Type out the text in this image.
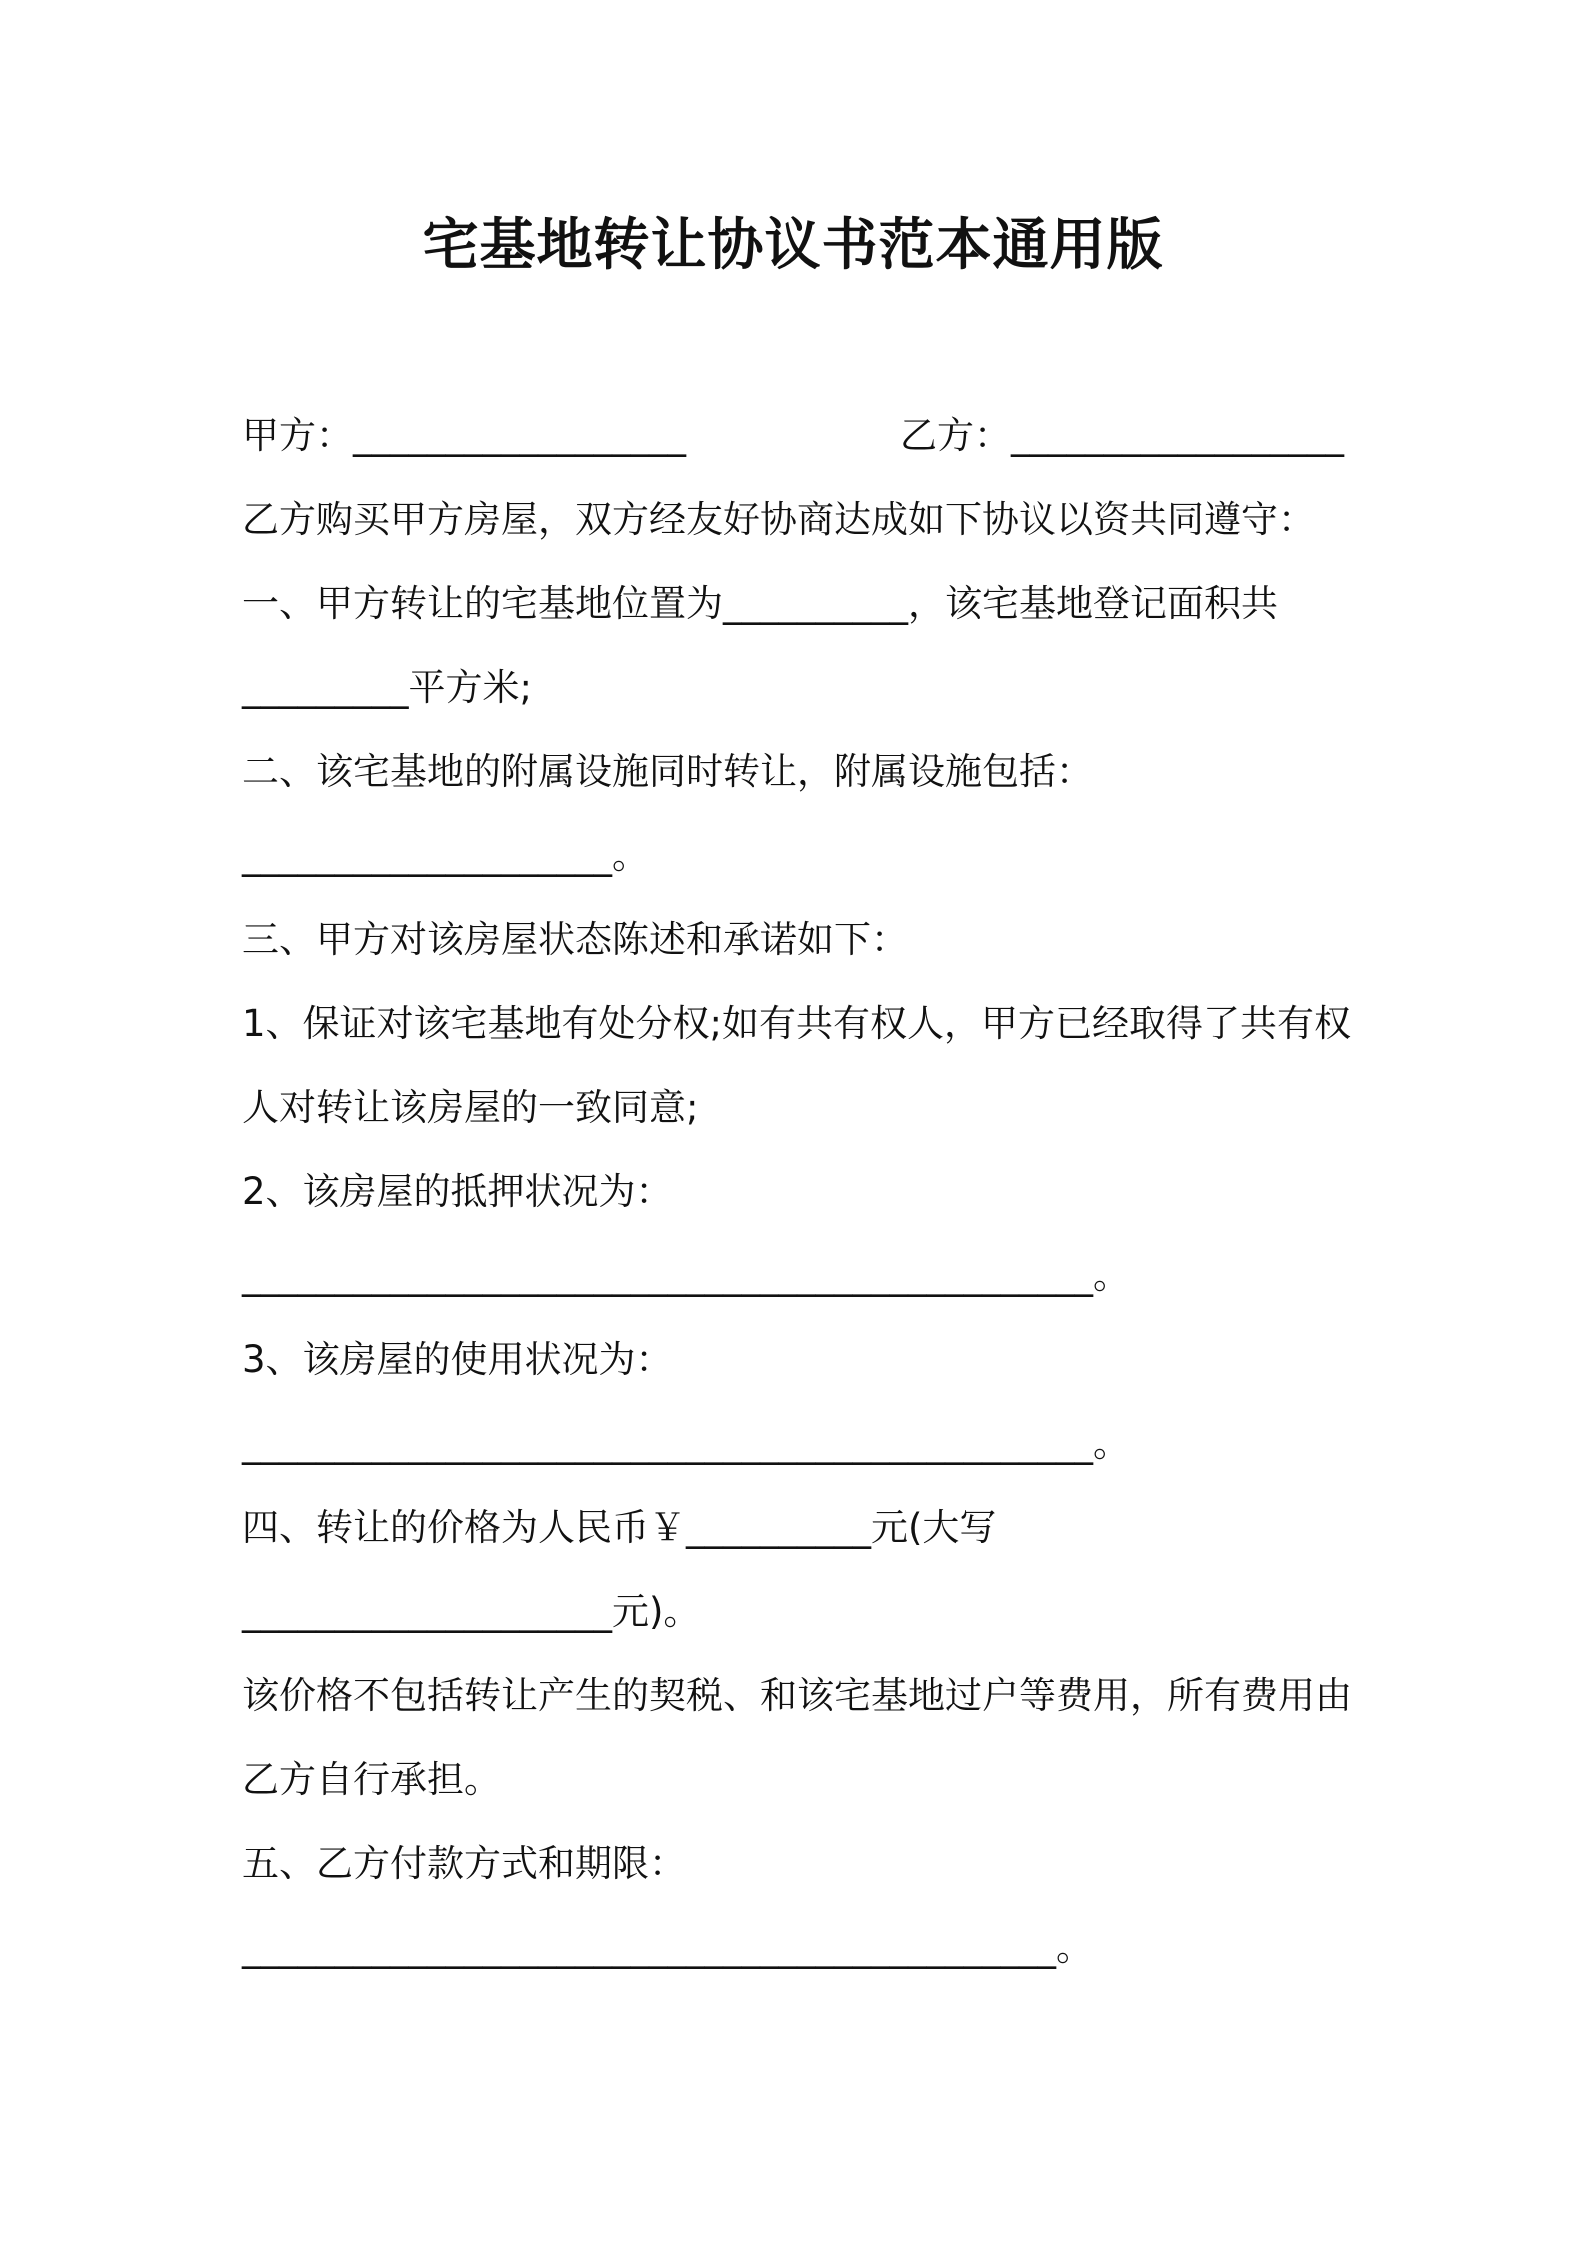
宅基地转让协议书范本通用版
甲方：__________________	乙方：__________________
乙方购买甲方房屋，双方经友好协商达成如下协议以资共同遵守：
一、甲方转让的宅基地位置为__________，该宅基地登记面积共
_________平方米;
二、该宅基地的附属设施同时转让，附属设施包括：
____________________。
三、甲方对该房屋状态陈述和承诺如下：
1、保证对该宅基地有处分权;如有共有权人，甲方已经取得了共有权
人对转让该房屋的一致同意;
2、该房屋的抵押状况为：
______________________________________________。
3、该房屋的使用状况为：
______________________________________________。
四、转让的价格为人民币￥__________元(大写
____________________元)。
该价格不包括转让产生的契税、和该宅基地过户等费用，所有费用由
乙方自行承担。
五、乙方付款方式和期限：
____________________________________________。
